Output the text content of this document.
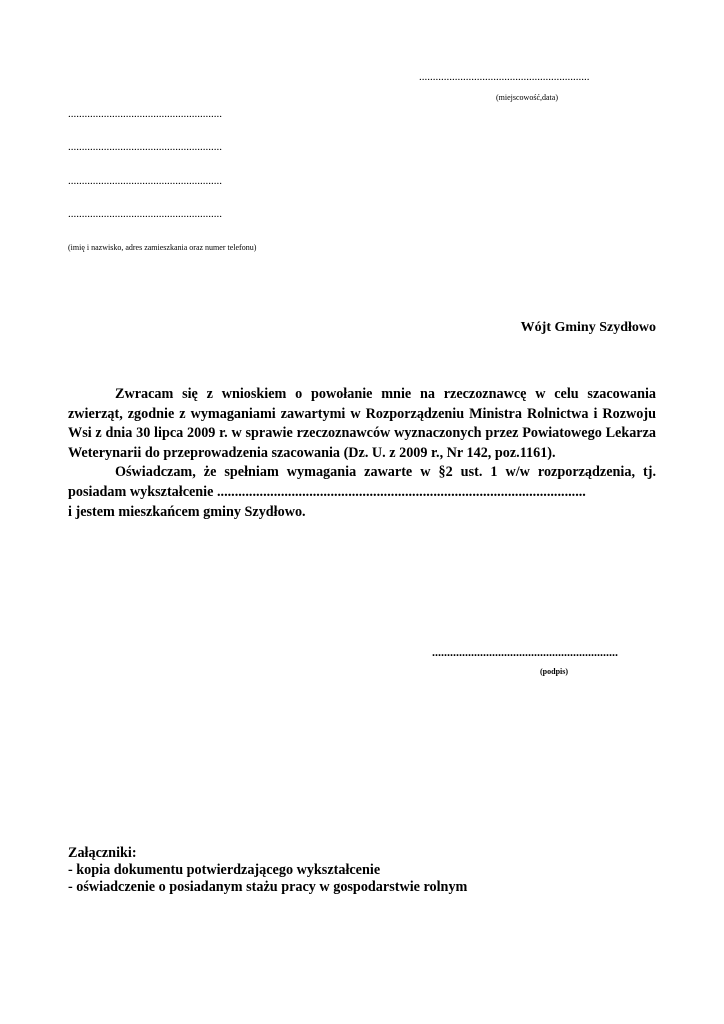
..............................................................
(miejscowość,data)
........................................................
........................................................
........................................................
........................................................
(imię i nazwisko, adres zamieszkania oraz numer telefonu)
Wójt Gminy Szydłowo

Zwracam się z wnioskiem o powołanie mnie na rzeczoznawcę w celu szacowania zwierząt, zgodnie z wymaganiami zawartymi w Rozporządzeniu Ministra Rolnictwa i Rozwoju Wsi z dnia 30 lipca 2009 r. w sprawie rzeczoznawców wyznaczonych przez Powiatowego Lekarza Weterynarii do przeprowadzenia szacowania (Dz. U. z 2009 r., Nr 142, poz.1161).

Oświadczam, że spełniam wymagania zawarte w §2 ust. 1 w/w rozporządzenia, tj. posiadam wykształcenie ........................................................................................................

i jestem mieszkańcem gminy Szydłowo.

..............................................................
(podpis)
Załączniki:
- kopia dokumentu potwierdzającego wykształcenie
- oświadczenie o posiadanym stażu pracy w gospodarstwie rolnym
